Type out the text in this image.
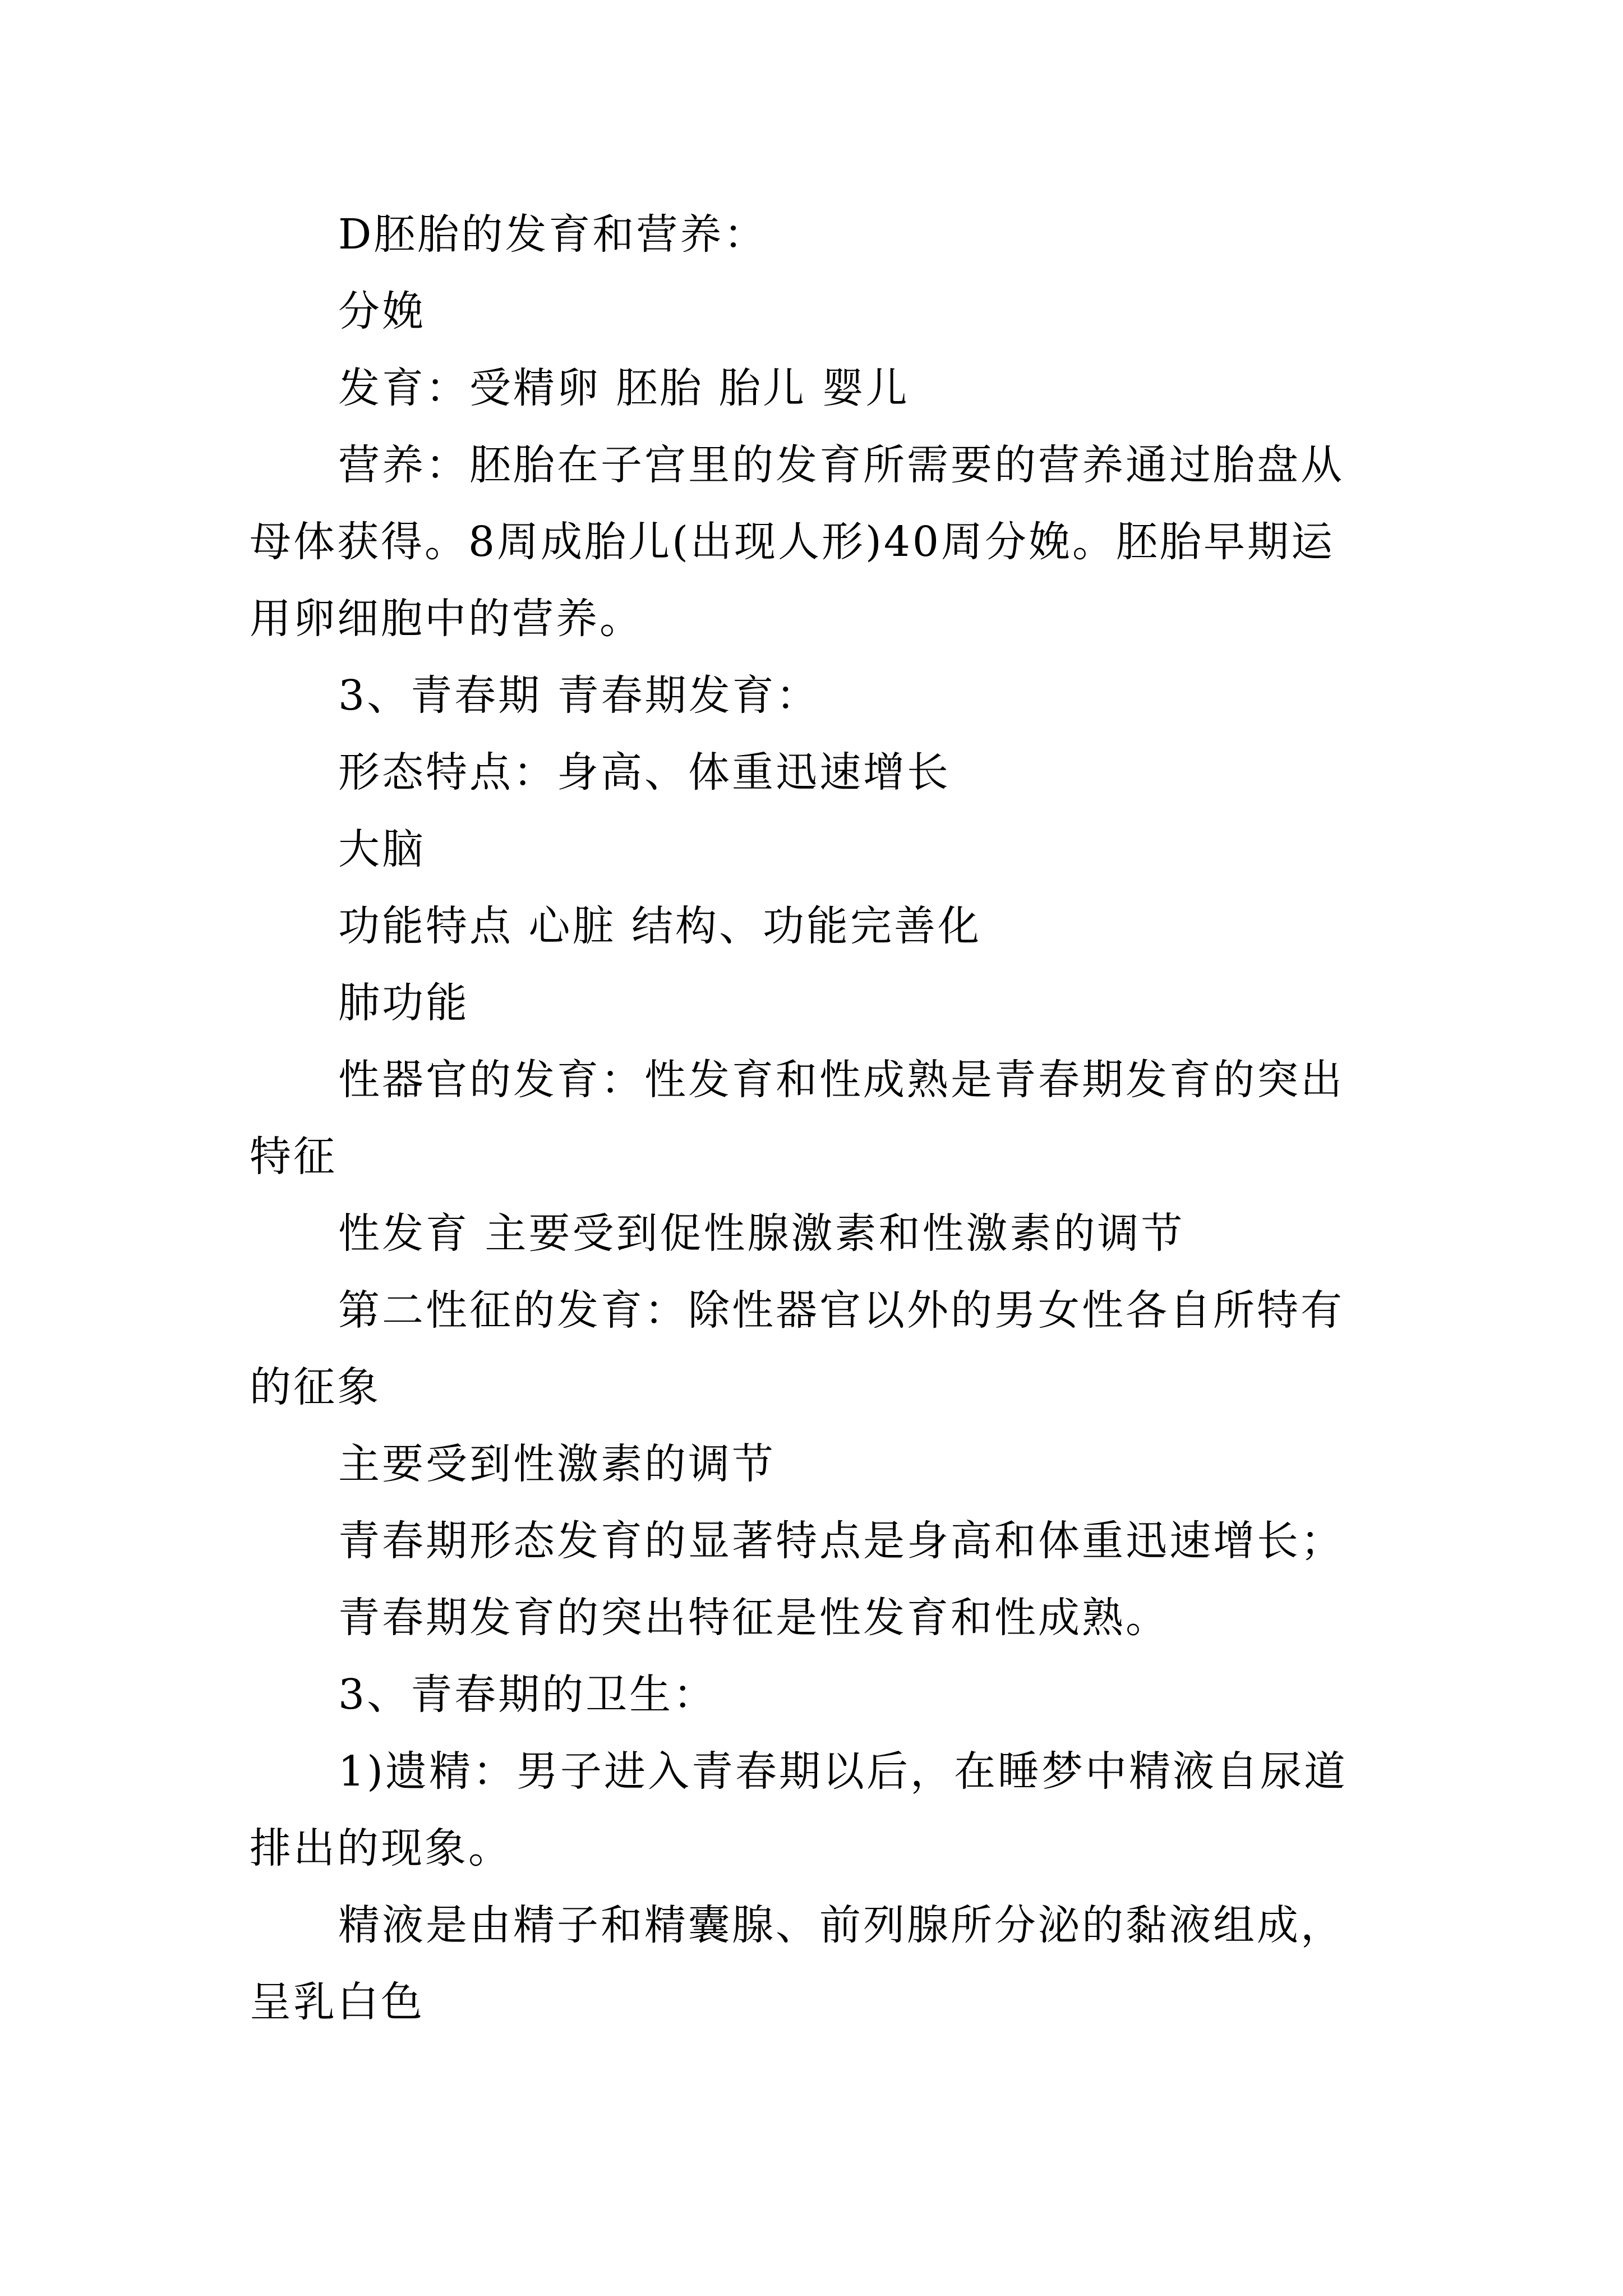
D胚胎的发育和营养：

分娩

发育：受精卵 胚胎 胎儿 婴儿

营养：胚胎在子宫里的发育所需要的营养通过胎盘从母体获得。8周成胎儿(出现人形)40周分娩。胚胎早期运用卵细胞中的营养。

3、青春期 青春期发育：

形态特点：身高、体重迅速增长

大脑

功能特点 心脏 结构、功能完善化

肺功能

性器官的发育：性发育和性成熟是青春期发育的突出特征

性发育 主要受到促性腺激素和性激素的调节

第二性征的发育：除性器官以外的男女性各自所特有的征象

主要受到性激素的调节

青春期形态发育的显著特点是身高和体重迅速增长；

青春期发育的突出特征是性发育和性成熟。

3、青春期的卫生：

1)遗精：男子进入青春期以后，在睡梦中精液自尿道排出的现象。

精液是由精子和精囊腺、前列腺所分泌的黏液组成，呈乳白色
